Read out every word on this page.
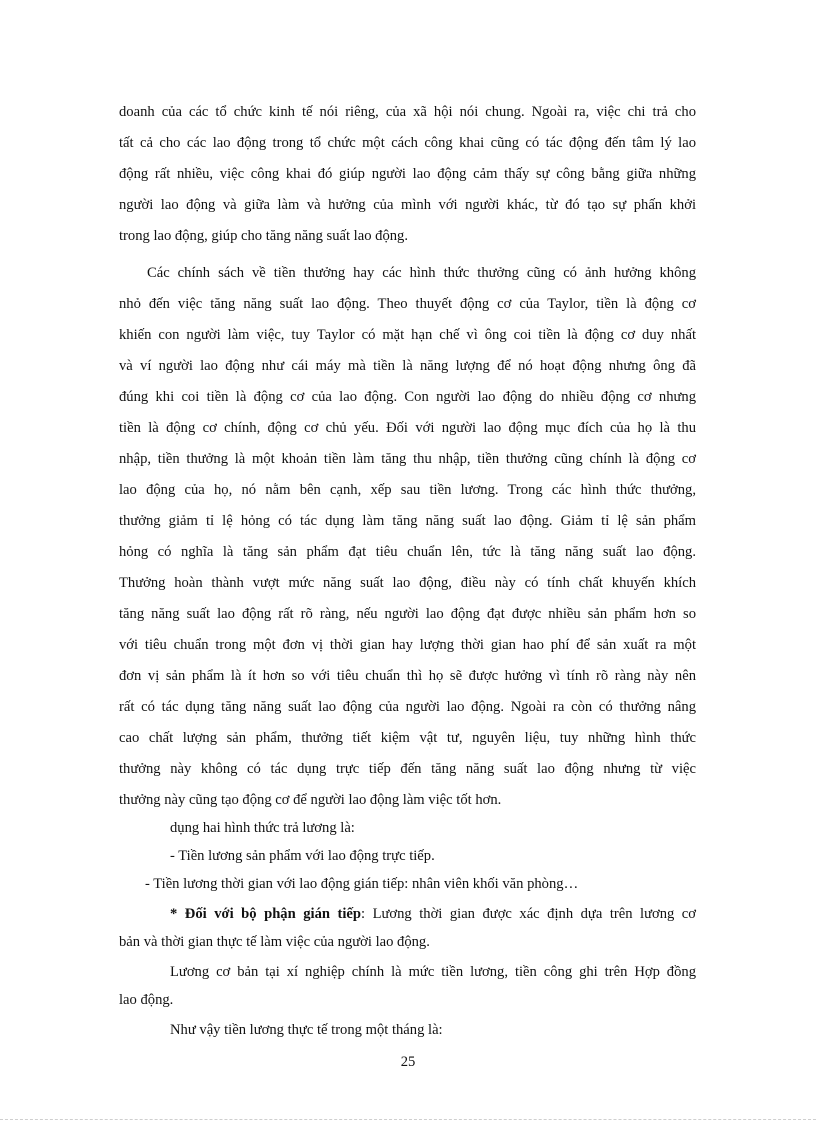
doanh của các tổ chức kinh tế nói riêng, của xã hội nói chung. Ngoài ra, việc chi trả cho
tất cả cho các lao động trong tổ chức một cách công khai cũng có tác động đến tâm lý lao
động rất nhiều, việc công khai đó giúp người lao động cảm thấy sự công bằng giữa những
người lao động và giữa làm và hưởng của mình với người khác, từ đó tạo sự phấn khởi
trong lao động, giúp cho tăng năng suất lao động.
Các chính sách về tiền thưởng hay các hình thức thưởng cũng có ảnh hưởng không
nhỏ đến việc tăng năng suất lao động. Theo thuyết động cơ của Taylor, tiền là động cơ
khiến con người làm việc, tuy Taylor có mặt hạn chế vì ông coi tiền là động cơ duy nhất
và ví người lao động như cái máy mà tiền là năng lượng để nó hoạt động nhưng ông đã
đúng khi coi tiền là động cơ của lao động. Con người lao động do nhiều động cơ nhưng
tiền là động cơ chính, động cơ chủ yếu. Đối với người lao động mục đích của họ là thu
nhập, tiền thưởng là một khoản tiền làm tăng thu nhập, tiền thưởng cũng chính là động cơ
lao động của họ, nó nằm bên cạnh, xếp sau tiền lương. Trong các hình thức thưởng,
thưởng giảm tỉ lệ hỏng có tác dụng làm tăng năng suất lao động. Giảm tỉ lệ sản phẩm
hỏng có nghĩa là tăng sản phẩm đạt tiêu chuẩn lên, tức là tăng năng suất lao động.
Thưởng hoàn thành vượt mức năng suất lao động, điều này có tính chất khuyến khích
tăng năng suất lao động rất rõ ràng, nếu người lao động đạt được nhiều sản phẩm hơn so
với tiêu chuẩn trong một đơn vị thời gian hay lượng thời gian hao phí để sản xuất ra một
đơn vị sản phẩm là ít hơn so với tiêu chuẩn thì họ sẽ được hưởng vì tính rõ ràng này nên
rất có tác dụng tăng năng suất lao động của người lao động. Ngoài ra còn có thưởng nâng
cao chất lượng sản phẩm, thưởng tiết kiệm vật tư, nguyên liệu, tuy những hình thức
thưởng này không có tác dụng trực tiếp đến tăng năng suất lao động nhưng từ việc
thưởng này cũng tạo động cơ để người lao động làm việc tốt hơn.
dụng hai hình thức trả lương là:
- Tiền lương sản phẩm với lao động trực tiếp.
- Tiền lương thời gian với lao động gián tiếp: nhân viên khối văn phòng…
* Đối với bộ phận gián tiếp: Lương thời gian được xác định dựa trên lương cơ
bản và thời gian thực tế làm việc của người lao động.
Lương cơ bản tại xí nghiệp chính là mức tiền lương, tiền công ghi trên Hợp đồng
lao động.
Như vậy tiền lương thực tế trong một tháng là:
25
